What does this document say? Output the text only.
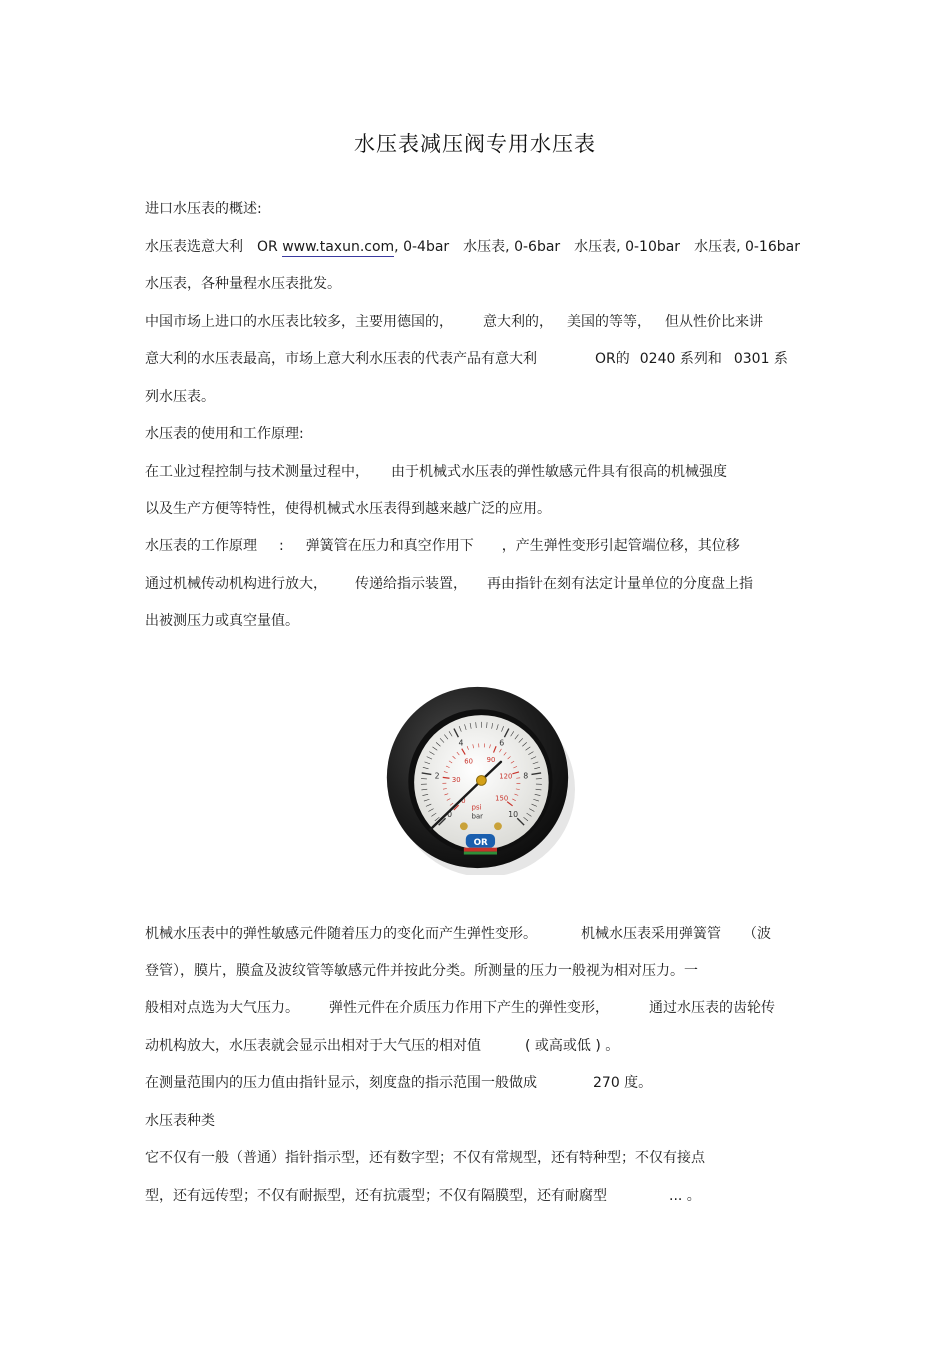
水压表减压阀专用水压表
进口水压表的概述:
水压表选意大利 OR www.taxun.com, 0-4bar 水压表, 0-6bar 水压表, 0-10bar 水压表, 0-16bar
水压表，各种量程水压表批发。
中国市场上进口的水压表比较多，主要用德国的， 意大利的， 美国的等等， 但从性价比来讲
意大利的水压表最高，市场上意大利水压表的代表产品有意大利	OR的 0240 系列和 0301 系
列水压表。
水压表的使用和工作原理:
在工业过程控制与技术测量过程中， 由于机械式水压表的弹性敏感元件具有很高的机械强度
以及生产方便等特性，使得机械式水压表得到越来越广泛的应用。
水压表的工作原理 : 弹簧管在压力和真空作用下 ，产生弹性变形引起管端位移，其位移
通过机械传动机构进行放大， 传递给指示装置， 再由指针在刻有法定计量单位的分度盘上指
出被测压力或真空量值。
0
2
4	6
8
10
0
30
60 90
120
150
psi
bar
OR
机械水压表中的弹性敏感元件随着压力的变化而产生弹性变形。	机械水压表采用弹簧管 （波
登管），膜片，膜盒及波纹管等敏感元件并按此分类。所测量的压力一般视为相对压力。一
般相对点选为大气压力。 弹性元件在介质压力作用下产生的弹性变形，	通过水压表的齿轮传
动机构放大，水压表就会显示出相对于大气压的相对值	( 或高或低 ) 。
在测量范围内的压力值由指针显示，刻度盘的指示范围一般做成	270 度。
水压表种类
它不仅有一般（普通）指针指示型，还有数字型；不仅有常规型，还有特种型；不仅有接点
型，还有远传型；不仅有耐振型，还有抗震型；不仅有隔膜型，还有耐腐型	... 。
